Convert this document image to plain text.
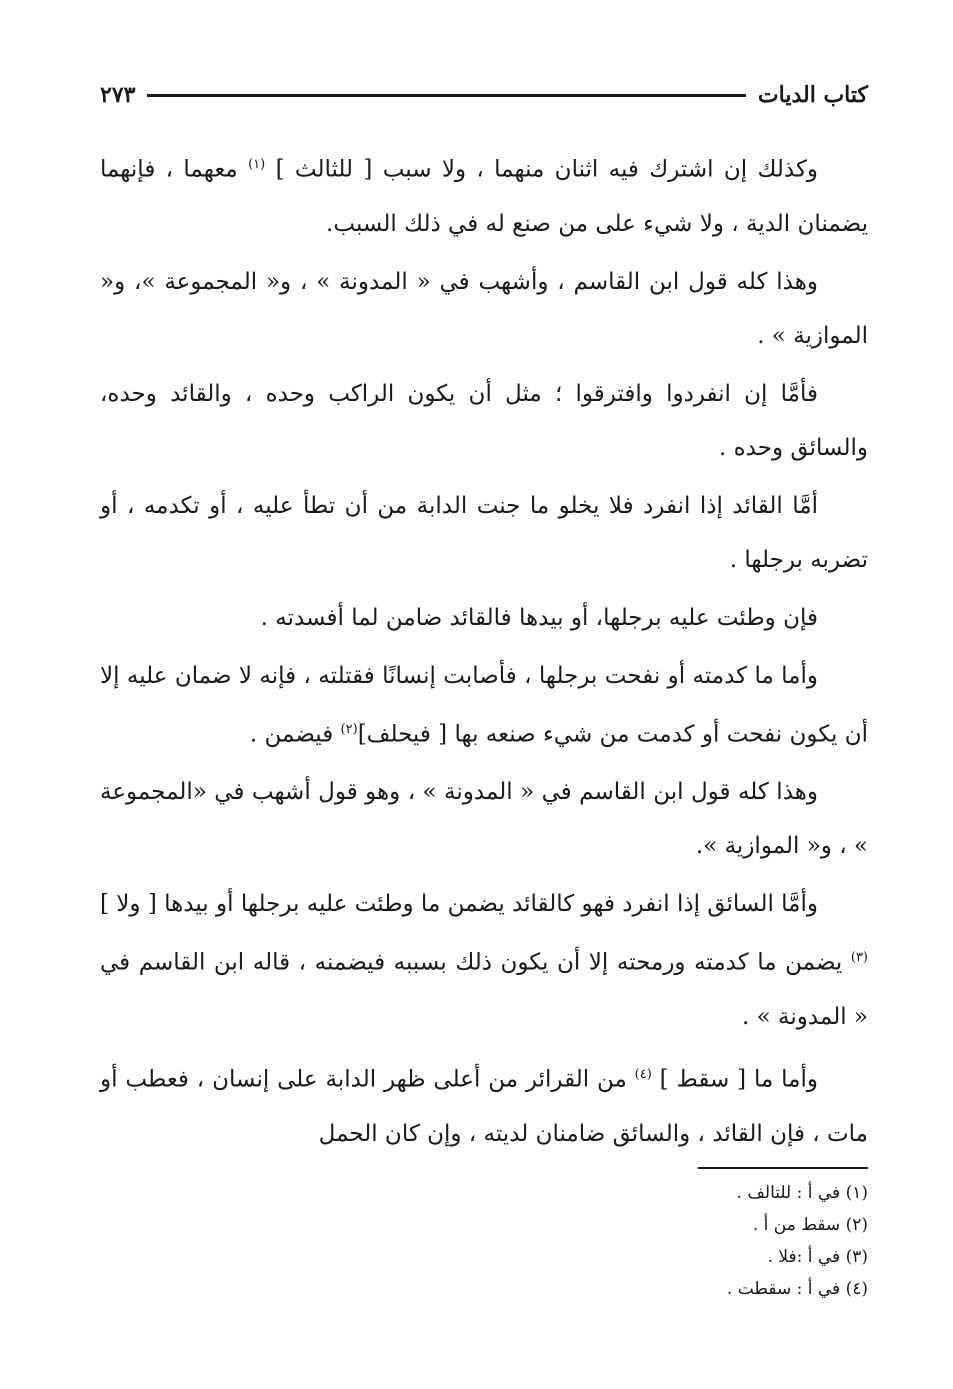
كتاب الديات
٢٧٣

وكذلك إن اشترك فيه اثنان منهما ، ولا سبب [ للثالث ] $^{(١)}$ معهما ، فإنهما يضمنان الدية ، ولا شيء على من صنع له في ذلك السبب.

وهذا كله قول ابن القاسم ، وأشهب في « المدونة » ، و« المجموعة »، و« الموازية » .

فأمَّا إن انفردوا وافترقوا ؛ مثل أن يكون الراكب وحده ، والقائد وحده، والسائق وحده .

أمَّا القائد إذا انفرد فلا يخلو ما جنت الدابة من أن تطأ عليه ، أو تكدمه ، أو تضربه برجلها .

فإن وطئت عليه برجلها، أو بيدها فالقائد ضامن لما أفسدته .

وأما ما كدمته أو نفحت برجلها ، فأصابت إنسانًا فقتلته ، فإنه لا ضمان عليه إلا أن يكون نفحت أو كدمت من شيء صنعه بها [ فيحلف]$^{(٢)}$ فيضمن .

وهذا كله قول ابن القاسم في « المدونة » ، وهو قول أشهب في «المجموعة » ، و« الموازية ».

وأمَّا السائق إذا انفرد فهو كالقائد يضمن ما وطئت عليه برجلها أو بيدها [ ولا ] $^{(٣)}$ يضمن ما كدمته ورمحته إلا أن يكون ذلك بسببه فيضمنه ، قاله ابن القاسم في « المدونة » .

وأما ما [ سقط ] $^{(٤)}$ من القرائر من أعلى ظهر الدابة على إنسان ، فعطب أو مات ، فإن القائد ، والسائق ضامنان لديته ، وإن كان الحمل

(١) في أ : للتالف .

(٢) سقط من أ .

(٣) في أ :فلا .

(٤) في أ : سقطت .
